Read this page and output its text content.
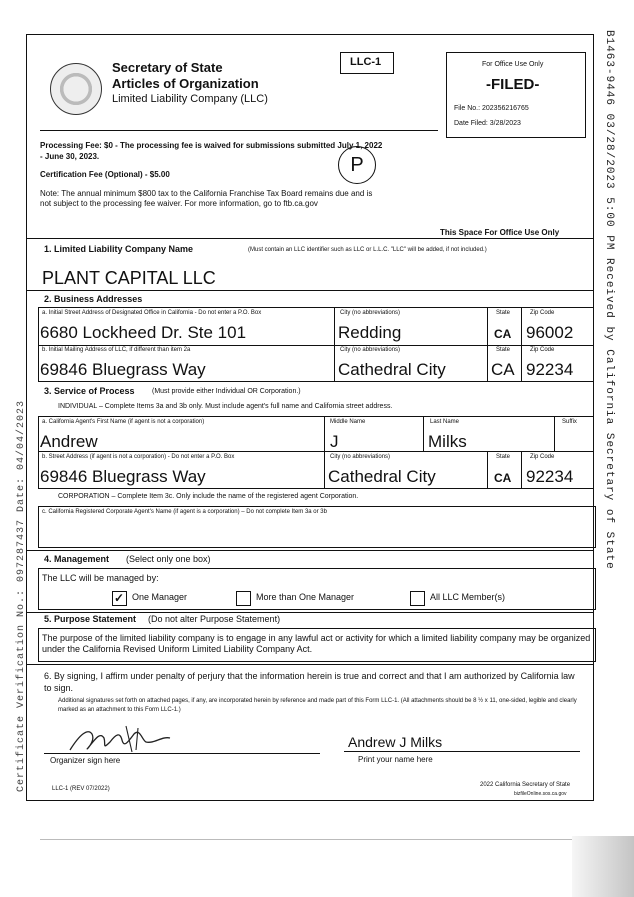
B1463-9446 03/28/2023 5:00 PM Received by California Secretary of State
Certificate Verification No.: 097287437 Date: 04/04/2023
Secretary of State
Articles of Organization
Limited Liability Company (LLC)
LLC-1	For Office Use Only
-FILED-
File No.: 202356216765
Date Filed: 3/28/2023
Processing Fee: $0 - The processing fee is waived for submissions submitted July 1, 2022 - June 30, 2023.
Certification Fee (Optional) - $5.00
Note: The annual minimum $800 tax to the California Franchise Tax Board remains due and is not subject to the processing fee waiver. For more information, go to ftb.ca.gov
P
This Space For Office Use Only
1. Limited Liability Company Name	(Must contain an LLC identifier such as LLC or L.L.C. "LLC" will be added, if not included.)
PLANT CAPITAL LLC
2. Business Addresses
a. Initial Street Address of Designated Office in California - Do not enter a P.O. Box
6680 Lockheed Dr. Ste 101
City (no abbreviations)
Redding
State
CA
Zip Code
96002
b. Initial Mailing Address of LLC, if different than item 2a
69846 Bluegrass Way
City (no abbreviations)
Cathedral City
State
CA
Zip Code
92234
3. Service of Process (Must provide either Individual OR Corporation.)
INDIVIDUAL – Complete Items 3a and 3b only. Must include agent's full name and California street address.
a. California Agent's First Name (if agent is not a corporation)
Andrew
Middle Name
J
Last Name
Milks
Suffix
b. Street Address (if agent is not a corporation) - Do not enter a P.O. Box
69846 Bluegrass Way
City (no abbreviations)
Cathedral City
State
CA
Zip Code
92234
CORPORATION – Complete Item 3c. Only include the name of the registered agent Corporation.
c. California Registered Corporate Agent's Name (if agent is a corporation) – Do not complete Item 3a or 3b
4. Management (Select only one box)
The LLC will be managed by:
✓ One Manager	More than One Manager	All LLC Member(s)
5. Purpose Statement (Do not alter Purpose Statement)
The purpose of the limited liability company is to engage in any lawful act or activity for which a limited liability company may be organized under the California Revised Uniform Limited Liability Company Act.
6. By signing, I affirm under penalty of perjury that the information herein is true and correct and that I am authorized by California law to sign.
Additional signatures set forth on attached pages, if any, are incorporated herein by reference and made part of this Form LLC-1. (All attachments should be 8 ½ x 11, one-sided, legible and clearly marked as an attachment to this Form LLC-1.)
Organizer sign here
Andrew J Milks
Print your name here
LLC-1 (REV 07/2022)
2022 California Secretary of State
bizfileOnline.sos.ca.gov
